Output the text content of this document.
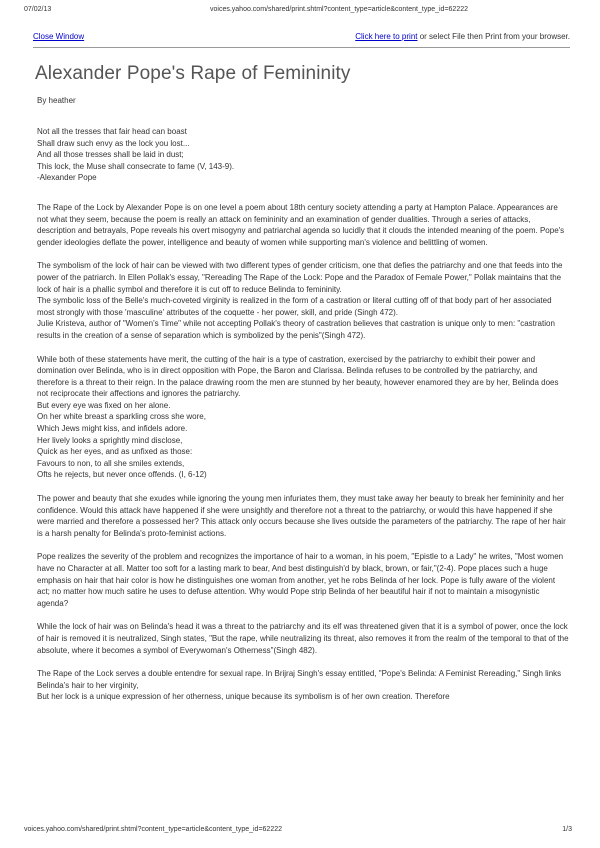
07/02/13	voices.yahoo.com/shared/print.shtml?content_type=article&content_type_id=62222
Close Window	Click here to print or select File then Print from your browser.
Alexander Pope's Rape of Femininity
By heather
Not all the tresses that fair head can boast
Shall draw such envy as the lock you lost...
And all those tresses shall be laid in dust;
This lock, the Muse shall consecrate to fame (V, 143-9).
-Alexander Pope

The Rape of the Lock by Alexander Pope is on one level a poem about 18th century society attending a party at Hampton Palace. Appearances are not what they seem, because the poem is really an attack on femininity and an examination of gender dualities. Through a series of attacks, description and betrayals, Pope reveals his overt misogyny and patriarchal agenda so lucidly that it clouds the intended meaning of the poem. Pope's gender ideologies deflate the power, intelligence and beauty of women while supporting man's violence and belittling of women.

The symbolism of the lock of hair can be viewed with two different types of gender criticism, one that defies the patriarchy and one that feeds into the power of the patriarch. In Ellen Pollak's essay, "Rereading The Rape of the Lock: Pope and the Paradox of Female Power," Pollak maintains that the lock of hair is a phallic symbol and therefore it is cut off to reduce Belinda to femininity.
The symbolic loss of the Belle's much-coveted virginity is realized in the form of a castration or literal cutting off of that body part of her associated most strongly with those 'masculine' attributes of the coquette - her power, skill, and pride (Singh 472).
Julie Kristeva, author of "Women's Time" while not accepting Pollak's theory of castration believes that castration is unique only to men: "castration results in the creation of a sense of separation which is symbolized by the penis"(Singh 472).
While both of these statements have merit, the cutting of the hair is a type of castration, exercised by the patriarchy to exhibit their power and domination over Belinda, who is in direct opposition with Pope, the Baron and Clarissa. Belinda refuses to be controlled by the patriarchy, and therefore is a threat to their reign. In the palace drawing room the men are stunned by her beauty, however enamored they are by her, Belinda does not reciprocate their affections and ignores the patriarchy.
But every eye was fixed on her alone.
On her white breast a sparkling cross she wore,
Which Jews might kiss, and infidels adore.
Her lively looks a sprightly mind disclose,
Quick as her eyes, and as unfixed as those:
Favours to non, to all she smiles extends,
Ofts he rejects, but never once offends. (I, 6-12)

The power and beauty that she exudes while ignoring the young men infuriates them, they must take away her beauty to break her femininity and her confidence. Would this attack have happened if she were unsightly and therefore not a threat to the patriarchy, or would this have happened if she were married and therefore a possessed her? This attack only occurs because she lives outside the parameters of the patriarchy. The rape of her hair is a harsh penalty for Belinda's proto-feminist actions.

Pope realizes the severity of the problem and recognizes the importance of hair to a woman, in his poem, "Epistle to a Lady" he writes, "Most women have no Character at all. Matter too soft for a lasting mark to bear, And best distinguish'd by black, brown, or fair,"(2-4). Pope places such a huge emphasis on hair that hair color is how he distinguishes one woman from another, yet he robs Belinda of her lock. Pope is fully aware of the violent act; no matter how much satire he uses to defuse attention. Why would Pope strip Belinda of her beautiful hair if not to maintain a misogynistic agenda?

While the lock of hair was on Belinda's head it was a threat to the patriarchy and its elf was threatened given that it is a symbol of power, once the lock of hair is removed it is neutralized, Singh states, "But the rape, while neutralizing its threat, also removes it from the realm of the temporal to that of the absolute, where it becomes a symbol of Everywoman's Otherness"(Singh 482).

The Rape of the Lock serves a double entendre for sexual rape. In Brijraj Singh's essay entitled, "Pope's Belinda: A Feminist Rereading," Singh links Belinda's hair to her virginity,
But her lock is a unique expression of her otherness, unique because its symbolism is of her own creation. Therefore
voices.yahoo.com/shared/print.shtml?content_type=article&content_type_id=62222	1/3
